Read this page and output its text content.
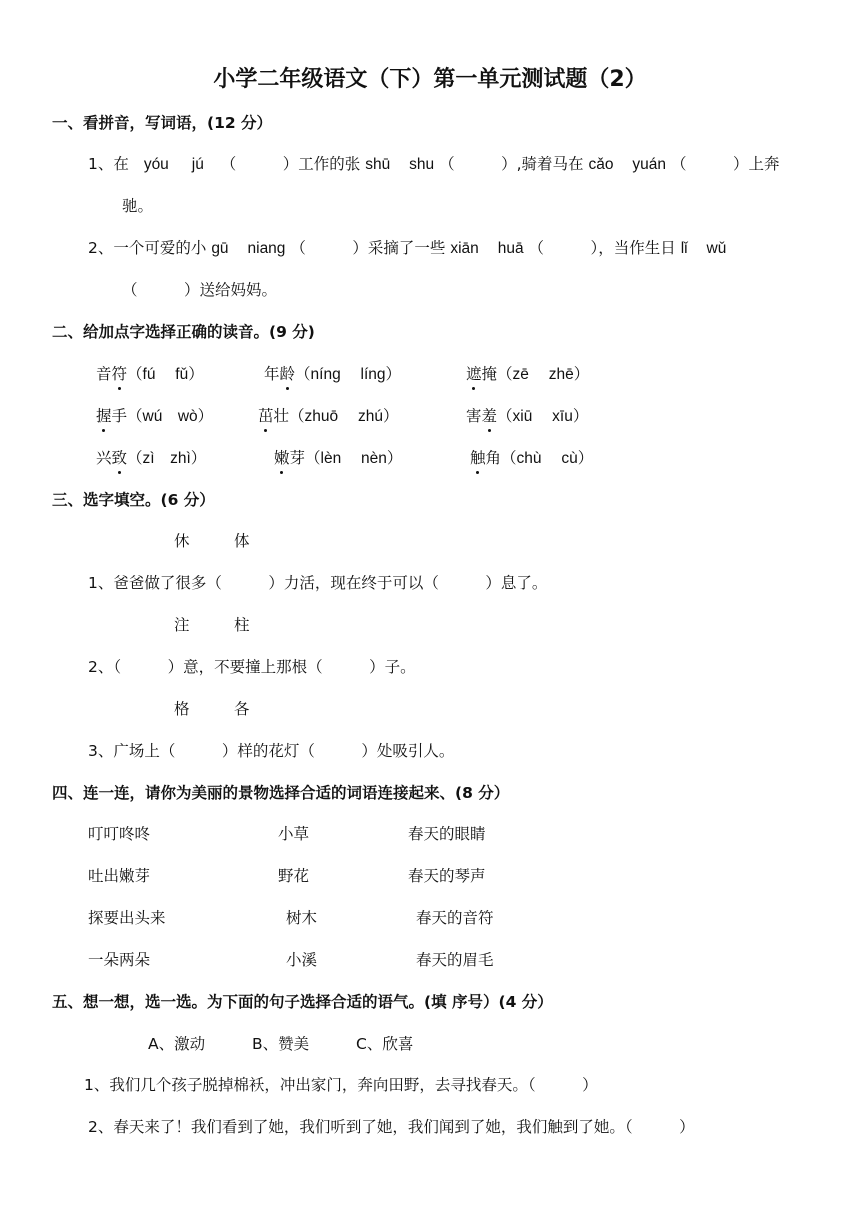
小学二年级语文（下）第一单元测试题（2）
一、看拼音，写词语，(12 分）
1、在 yóu jú （　　　）工作的张 shū shu （　　　）,骑着马在 cǎo yuán （　　　）上奔
驰。
2、一个可爱的小 gū niang （　　　）采摘了一些 xiān huā （　　　），当作生日 lǐ wǔ
（　　　）送给妈妈。
二、给加点字选择正确的读音。(9 分)
音符（fú　 fǔ）	年龄（níng　 líng）	遮掩（zē　 zhē）
握手（wú　wò）	茁壮（zhuō　 zhú）	害羞（xiū　 xīu）
兴致（zì　zhì）	嫩芽（lèn　 nèn）	触角（chù　 cù）
三、选字填空。(6 分）
休	体
1、爸爸做了很多（　　　）力活，现在终于可以（　　　）息了。
注	柱
2、（　　　）意，不要撞上那根（　　　）子。
格	各
3、广场上（　　　）样的花灯（　　　）处吸引人。
四、连一连，请你为美丽的景物选择合适的词语连接起来、(8 分）
叮叮咚咚	小草	春天的眼睛
吐出嫩芽	野花	春天的琴声
探要出头来	树木	春天的音符
一朵两朵	小溪	春天的眉毛
五、想一想，选一选。为下面的句子选择合适的语气。(填 序号）(4 分）
A、激动	B、赞美	C、欣喜
1、我们几个孩子脱掉棉袄，冲出家门，奔向田野，去寻找春天。（　　　）
2、春天来了！我们看到了她，我们听到了她，我们闻到了她，我们触到了她。（　　　）
